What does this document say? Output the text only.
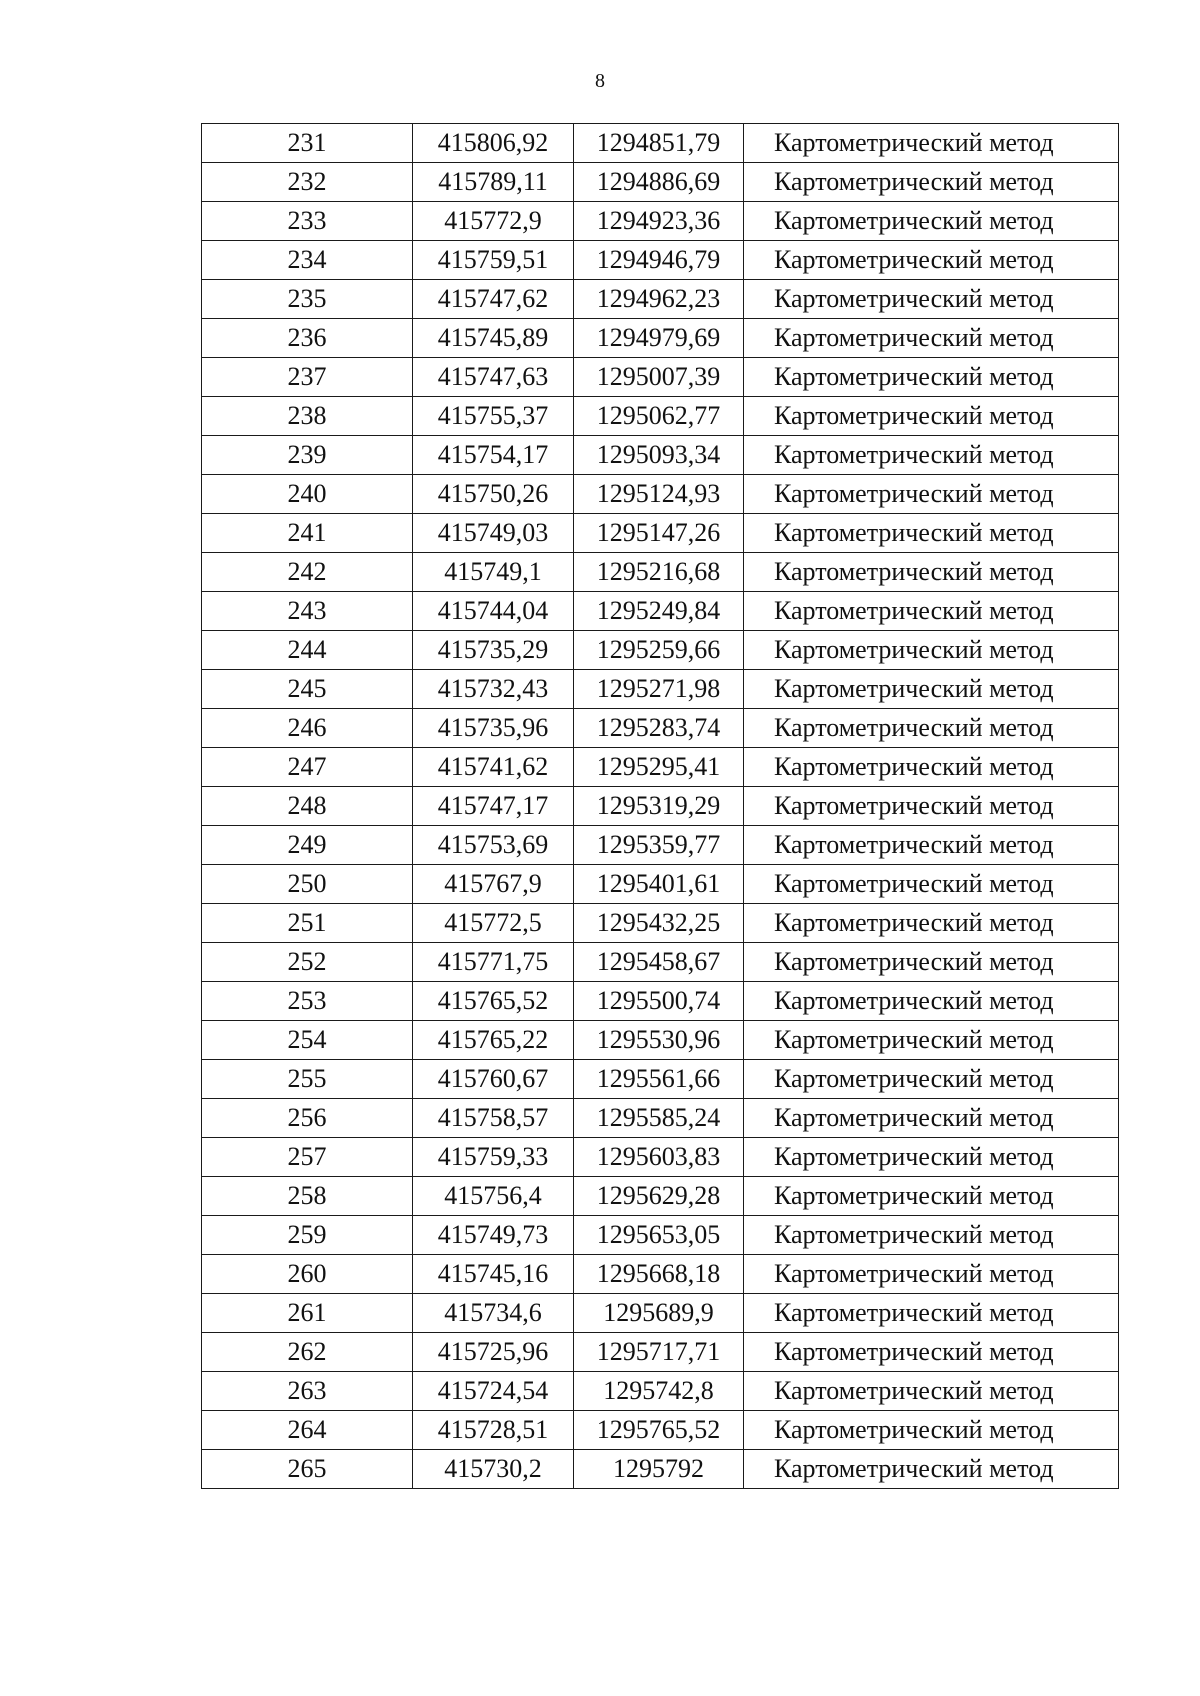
8
231	415806,92	1294851,79	Картометрический метод
232	415789,11	1294886,69	Картометрический метод
233	415772,9	1294923,36	Картометрический метод
234	415759,51	1294946,79	Картометрический метод
235	415747,62	1294962,23	Картометрический метод
236	415745,89	1294979,69	Картометрический метод
237	415747,63	1295007,39	Картометрический метод
238	415755,37	1295062,77	Картометрический метод
239	415754,17	1295093,34	Картометрический метод
240	415750,26	1295124,93	Картометрический метод
241	415749,03	1295147,26	Картометрический метод
242	415749,1	1295216,68	Картометрический метод
243	415744,04	1295249,84	Картометрический метод
244	415735,29	1295259,66	Картометрический метод
245	415732,43	1295271,98	Картометрический метод
246	415735,96	1295283,74	Картометрический метод
247	415741,62	1295295,41	Картометрический метод
248	415747,17	1295319,29	Картометрический метод
249	415753,69	1295359,77	Картометрический метод
250	415767,9	1295401,61	Картометрический метод
251	415772,5	1295432,25	Картометрический метод
252	415771,75	1295458,67	Картометрический метод
253	415765,52	1295500,74	Картометрический метод
254	415765,22	1295530,96	Картометрический метод
255	415760,67	1295561,66	Картометрический метод
256	415758,57	1295585,24	Картометрический метод
257	415759,33	1295603,83	Картометрический метод
258	415756,4	1295629,28	Картометрический метод
259	415749,73	1295653,05	Картометрический метод
260	415745,16	1295668,18	Картометрический метод
261	415734,6	1295689,9	Картометрический метод
262	415725,96	1295717,71	Картометрический метод
263	415724,54	1295742,8	Картометрический метод
264	415728,51	1295765,52	Картометрический метод
265	415730,2	1295792	Картометрический метод
